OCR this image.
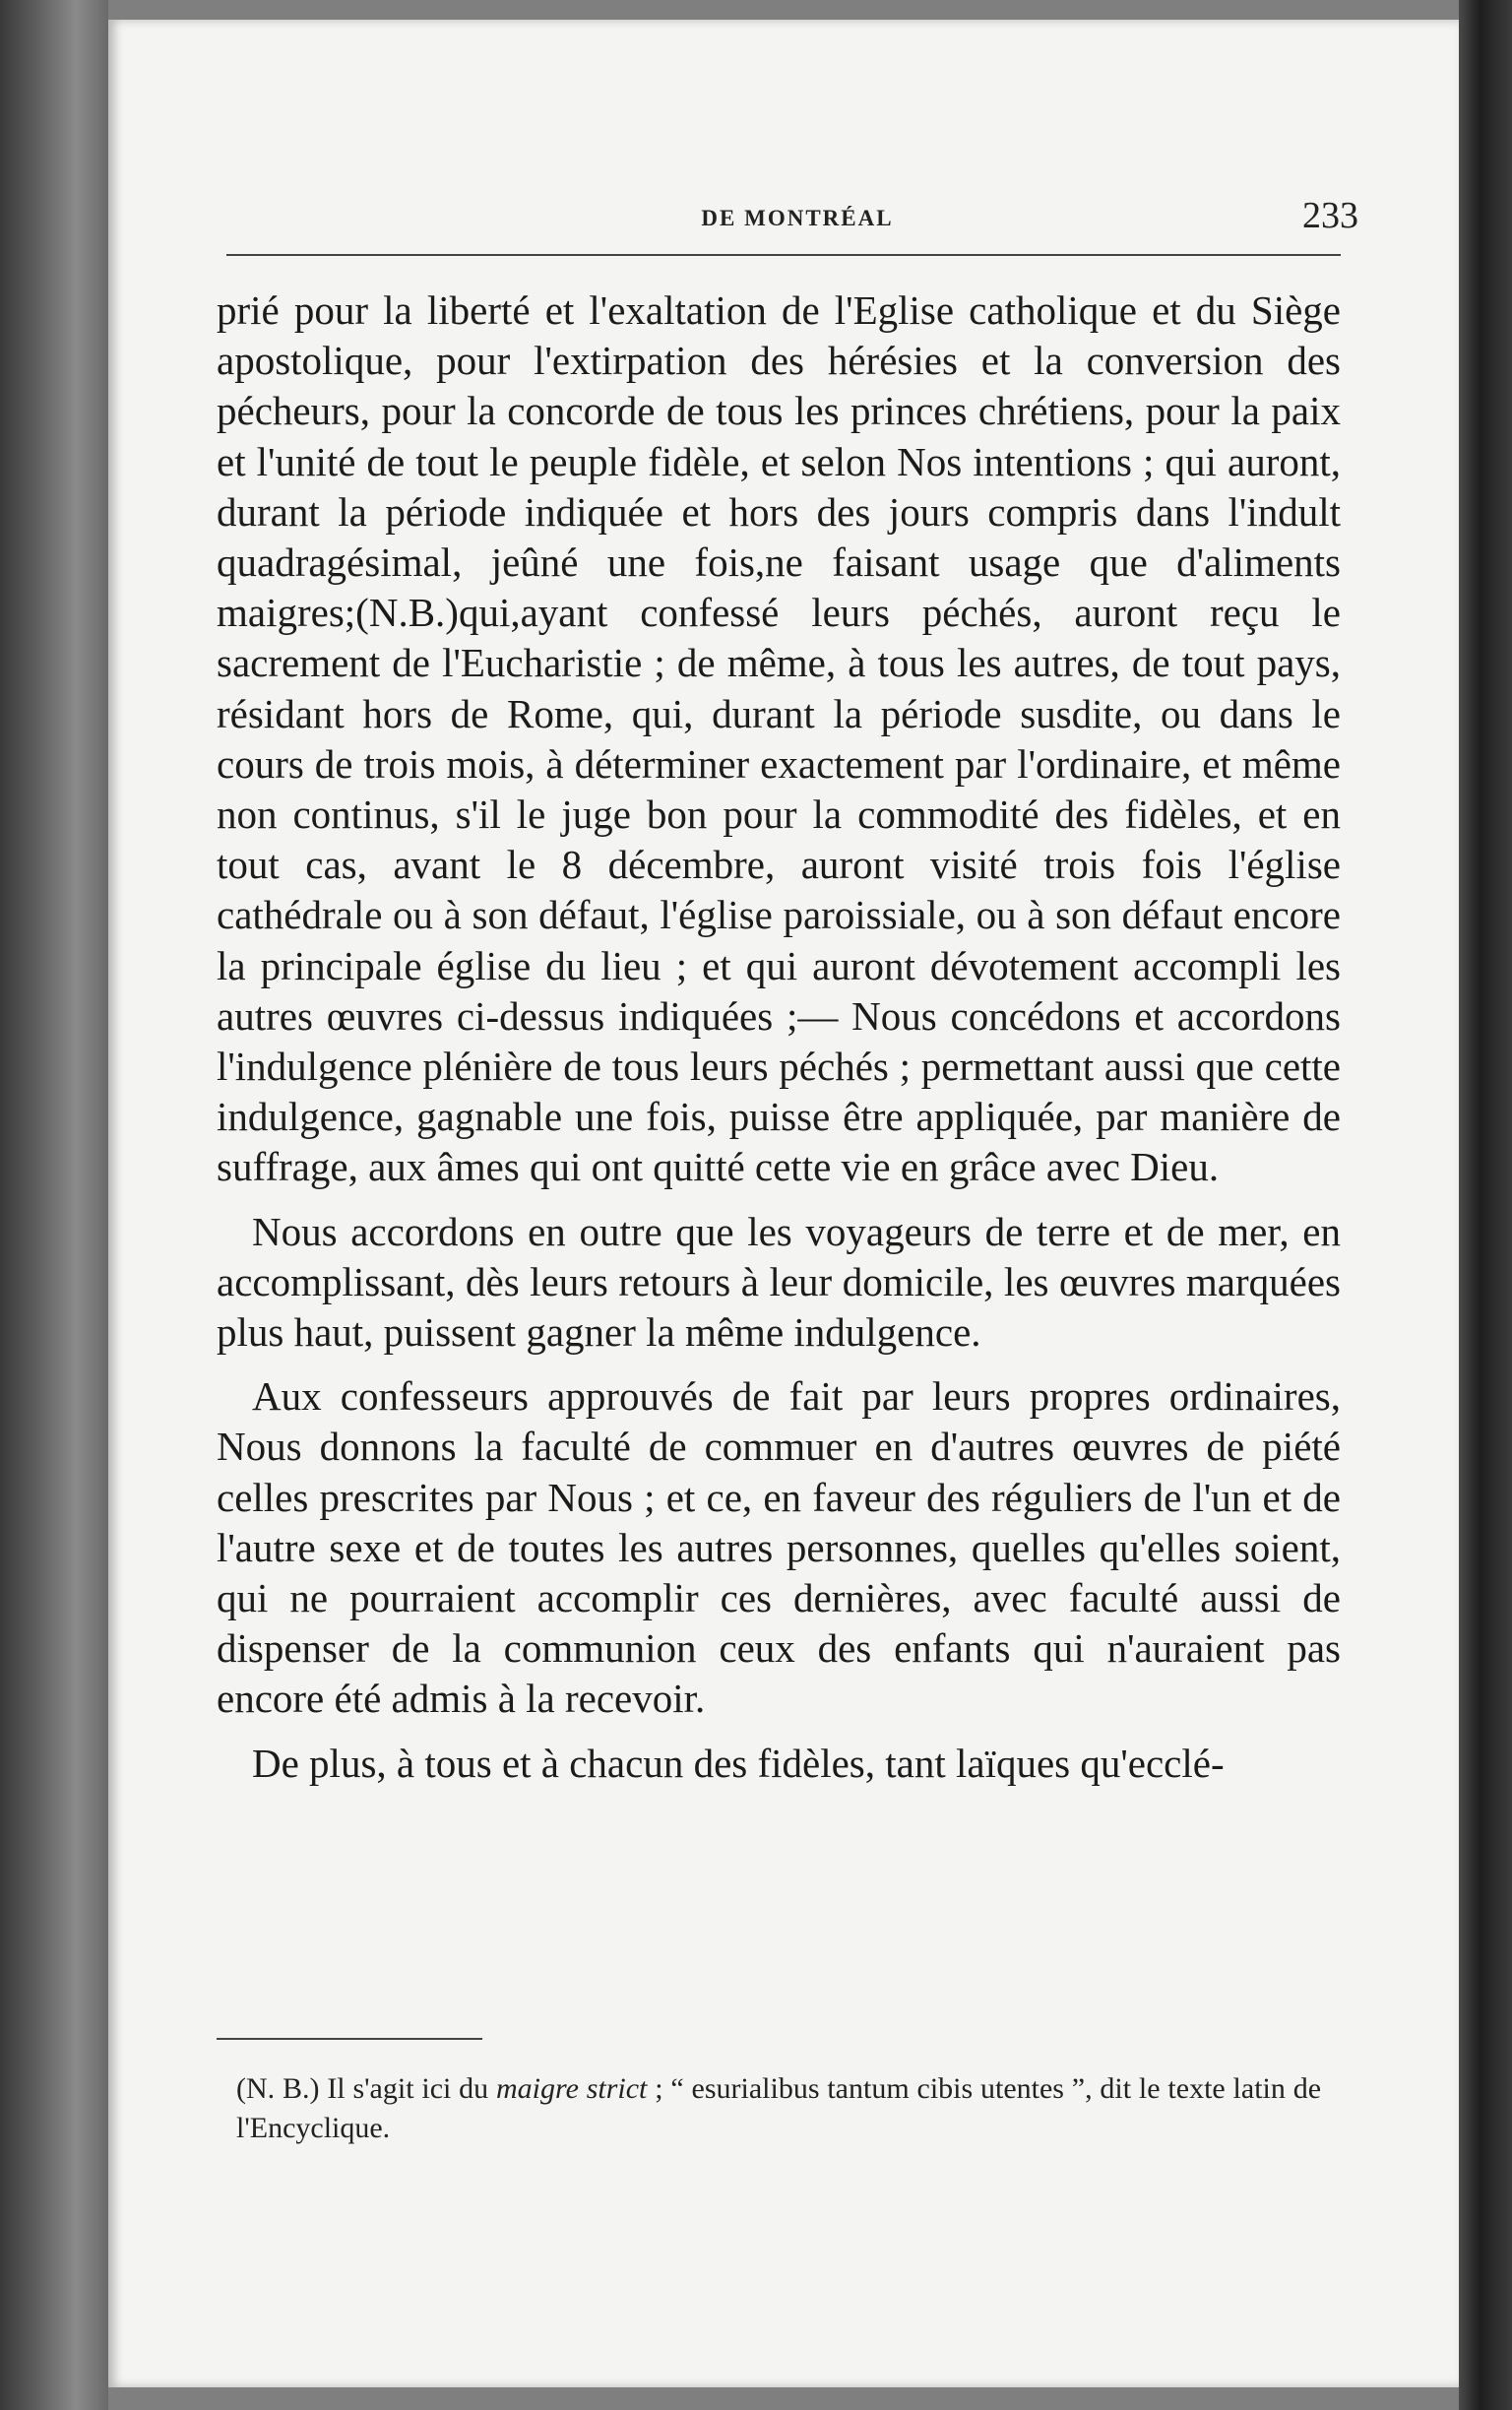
DE MONTRÉAL	233

prié pour la liberté et l'exaltation de l'Eglise catholique et du Siège apostolique, pour l'extirpation des hérésies et la conversion des pécheurs, pour la concorde de tous les princes chrétiens, pour la paix et l'unité de tout le peuple fidèle, et selon Nos intentions ; qui auront, durant la période indiquée et hors des jours compris dans l'indult quadragésimal, jeûné une fois,ne faisant usage que d'aliments maigres;(N.B.)qui,ayant confessé leurs péchés, auront reçu le sacrement de l'Eucharistie ; de même, à tous les autres, de tout pays, résidant hors de Rome, qui, durant la période susdite, ou dans le cours de trois mois, à déterminer exactement par l'ordinaire, et même non continus, s'il le juge bon pour la commodité des fidèles, et en tout cas, avant le 8 décembre, auront visité trois fois l'église cathédrale ou à son défaut, l'église paroissiale, ou à son défaut encore la principale église du lieu ; et qui auront dévotement accompli les autres œuvres ci-dessus indiquées ;— Nous concédons et accordons l'indulgence plénière de tous leurs péchés ; permettant aussi que cette indulgence, gagnable une fois, puisse être appliquée, par manière de suffrage, aux âmes qui ont quitté cette vie en grâce avec Dieu.

Nous accordons en outre que les voyageurs de terre et de mer, en accomplissant, dès leurs retours à leur domicile, les œuvres marquées plus haut, puissent gagner la même indulgence.

Aux confesseurs approuvés de fait par leurs propres ordinaires, Nous donnons la faculté de commuer en d'autres œuvres de piété celles prescrites par Nous ; et ce, en faveur des réguliers de l'un et de l'autre sexe et de toutes les autres personnes, quelles qu'elles soient, qui ne pourraient accomplir ces dernières, avec faculté aussi de dispenser de la communion ceux des enfants qui n'auraient pas encore été admis à la recevoir.

De plus, à tous et à chacun des fidèles, tant laïques qu'ecclé-

(N. B.) Il s'agit ici du maigre strict ; “ esurialibus tantum cibis utentes ”, dit le texte latin de l'Encyclique.
